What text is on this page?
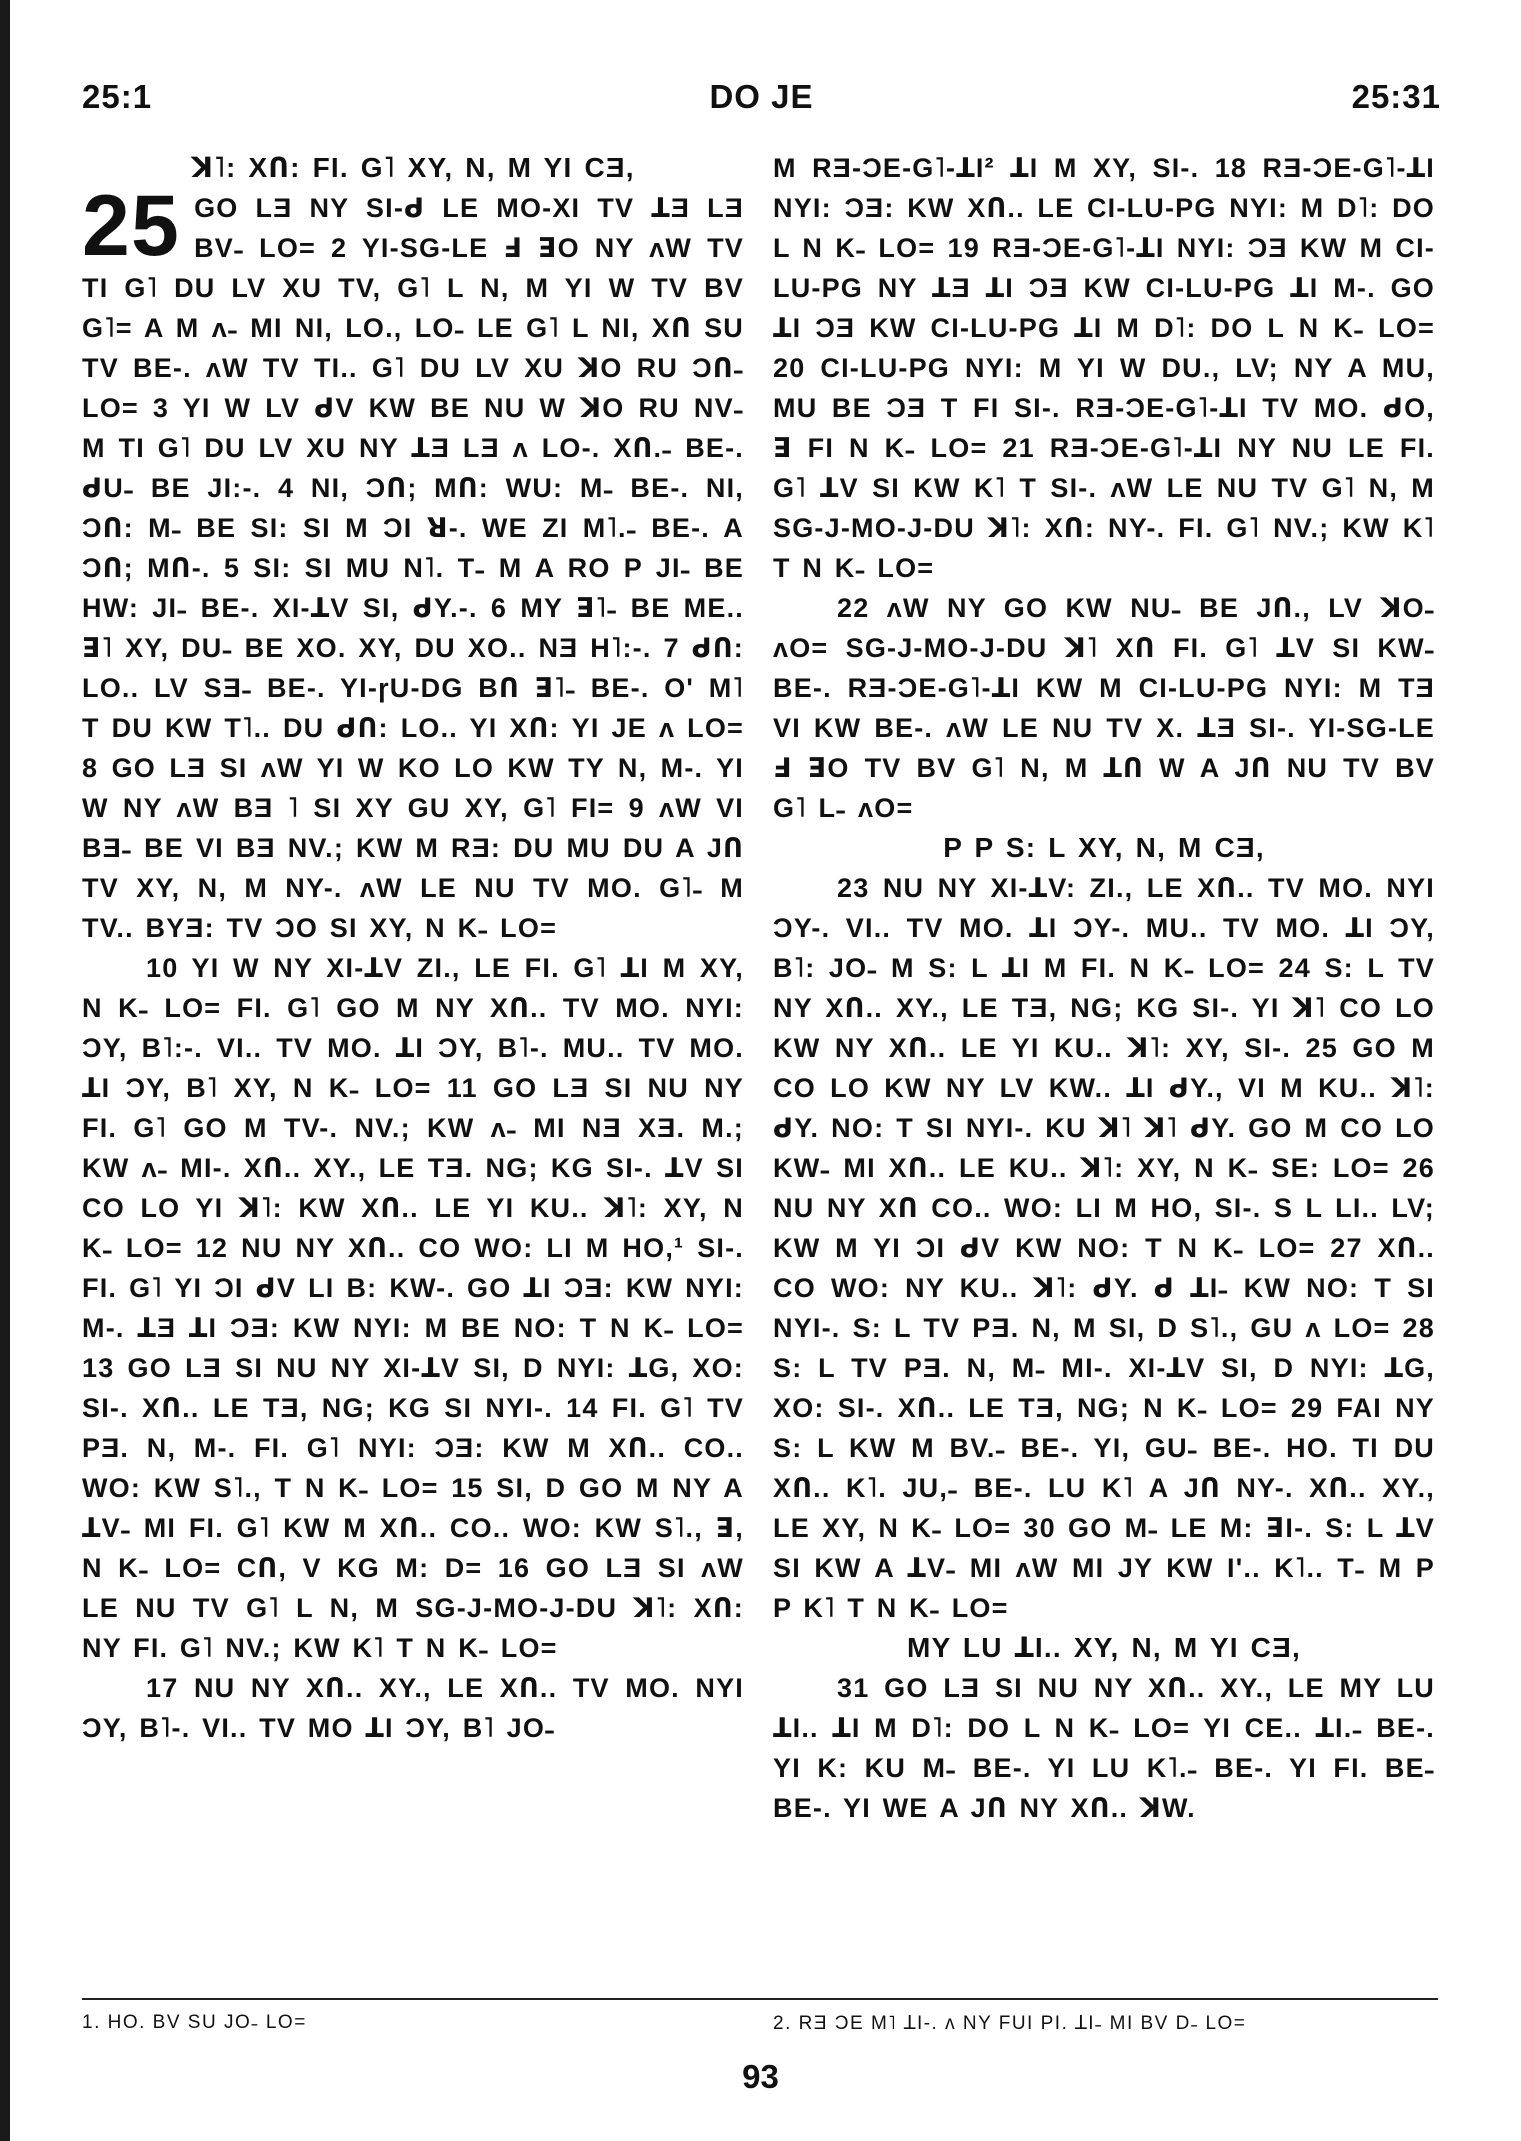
25:1	DO JE	25:31

ꓘ˥: XՈ: FI. G˥ XY, N, M YI CƎ,

25 GO LƎ NY SI-ᑯ LE MO-XI TV ꓕƎ LƎ BV˗ LO= 2 YI-SG-LE Ⅎ ꓱO NY ʌW TV TI G˥ DU LV XU TV, G˥ L N, M YI W TV BV G˥= A M ʌ˗ MI NI, LO., LO˗ LE G˥ L NI, XՈ SU TV BE-. ʌW TV TI.. G˥ DU LV XU ꓘO RU ƆՈ˗ LO= 3 YI W LV ᑯV KW BE NU W ꓘO RU NV˗ M TI G˥ DU LV XU NY ꓕƎ LƎ ʌ LO-. XՈ.˗ BE-. ᑯU˗ BE JI:-. 4 NI, ƆՈ; MՈ: WU: M˗ BE-. NI, ƆՈ: M˗ BE SI: SI M ƆI ꓤ-. WE ZI M˥.˗ BE-. A ƆՈ; MՈ-. 5 SI: SI MU N˥. T˗ M A RO P JI˗ BE HW: JI˗ BE-. XI-ꓕV SI, ᑯY.-. 6 MY ꓱ˥˗ BE ME.. ꓱ˥ XY, DU˗ BE XO. XY, DU XO.. NƎ H˥:-. 7 ᑯՈ: LO.. LV SƎ˗ BE-. YI-ɼU-DG BՈ ꓱ˥˗ BE-. O' M˥ T DU KW T˥.. DU ᑯՈ: LO.. YI XՈ: YI JE ʌ LO= 8 GO LƎ SI ʌW YI W KO LO KW TY N, M-. YI W NY ʌW BƎ ˥ SI XY GU XY, G˥ FI= 9 ʌW VI BƎ˗ BE VI BƎ NV.; KW M RƎ: DU MU DU A JՈ TV XY, N, M NY-. ʌW LE NU TV MO. G˥˗ M TV.. BYƎ: TV ƆO SI XY, N K˗ LO=

10 YI W NY XI-ꓕV ZI., LE FI. G˥ ꓕI M XY, N K˗ LO= FI. G˥ GO M NY XՈ.. TV MO. NYI: ƆY, B˥:-. VI.. TV MO. ꓕI ƆY, B˥-. MU.. TV MO. ꓕI ƆY, B˥ XY, N K˗ LO= 11 GO LƎ SI NU NY FI. G˥ GO M TV-. NV.; KW ʌ˗ MI NƎ XƎ. M.; KW ʌ˗ MI-. XՈ.. XY., LE TƎ. NG; KG SI-. ꓕV SI CO LO YI ꓘ˥: KW XՈ.. LE YI KU.. ꓘ˥: XY, N K˗ LO= 12 NU NY XՈ.. CO WO: LI M HO,¹ SI-. FI. G˥ YI ƆI ᑯV LI B: KW-. GO ꓕI ƆƎ: KW NYI: M-. ꓕƎ ꓕI ƆƎ: KW NYI: M BE NO: T N K˗ LO= 13 GO LƎ SI NU NY XI-ꓕV SI, D NYI: ꓕG, XO: SI-. XՈ.. LE TƎ, NG; KG SI NYI-. 14 FI. G˥ TV PƎ. N, M-. FI. G˥ NYI: ƆƎ: KW M XՈ.. CO.. WO: KW S˥., T N K˗ LO= 15 SI, D GO M NY A ꓕV˗ MI FI. G˥ KW M XՈ.. CO.. WO: KW S˥., ꓱ, N K˗ LO= CՈ, V KG M: D= 16 GO LƎ SI ʌW LE NU TV G˥ L N, M SG-J-MO-J-DU ꓘ˥: XՈ: NY FI. G˥ NV.; KW K˥ T N K˗ LO=

17 NU NY XՈ.. XY., LE XՈ.. TV MO. NYI ƆY, B˥-. VI.. TV MO ꓕI ƆY, B˥ JO˗

M RƎ-ƆE-G˥-ꓕI² ꓕI M XY, SI-. 18 RƎ-ƆE-G˥-ꓕI NYI: ƆƎ: KW XՈ.. LE CI-LU-PG NYI: M D˥: DO L N K˗ LO= 19 RƎ-ƆE-G˥-ꓕI NYI: ƆƎ KW M CI-LU-PG NY ꓕƎ ꓕI ƆƎ KW CI-LU-PG ꓕI M-. GO ꓕI ƆƎ KW CI-LU-PG ꓕI M D˥: DO L N K˗ LO= 20 CI-LU-PG NYI: M YI W DU., LV; NY A MU, MU BE ƆƎ T FI SI-. RƎ-ƆE-G˥-ꓕI TV MO. ᑯO, ꓱ FI N K˗ LO= 21 RƎ-ƆE-G˥-ꓕI NY NU LE FI. G˥ ꓕV SI KW K˥ T SI-. ʌW LE NU TV G˥ N, M SG-J-MO-J-DU ꓘ˥: XՈ: NY-. FI. G˥ NV.; KW K˥ T N K˗ LO=

22 ʌW NY GO KW NU˗ BE JՈ., LV ꓘO˗ ʌO= SG-J-MO-J-DU ꓘ˥ XՈ FI. G˥ ꓕV SI KW˗ BE-. RƎ-ƆE-G˥-ꓕI KW M CI-LU-PG NYI: M TƎ VI KW BE-. ʌW LE NU TV X. ꓕƎ SI-. YI-SG-LE Ⅎ ꓱO TV BV G˥ N, M ꓕՈ W A JՈ NU TV BV G˥ L˗ ʌO=

P P S: L XY, N, M CƎ,

23 NU NY XI-ꓕV: ZI., LE XՈ.. TV MO. NYI ƆY-. VI.. TV MO. ꓕI ƆY-. MU.. TV MO. ꓕI ƆY, B˥: JO˗ M S: L ꓕI M FI. N K˗ LO= 24 S: L TV NY XՈ.. XY., LE TƎ, NG; KG SI-. YI ꓘ˥ CO LO KW NY XՈ.. LE YI KU.. ꓘ˥: XY, SI-. 25 GO M CO LO KW NY LV KW.. ꓕI ᑯY., VI M KU.. ꓘ˥: ᑯY. NO: T SI NYI-. KU ꓘ˥ ꓘ˥ ᑯY. GO M CO LO KW˗ MI XՈ.. LE KU.. ꓘ˥: XY, N K˗ SE: LO= 26 NU NY XՈ CO.. WO: LI M HO, SI-. S L LI.. LV; KW M YI ƆI ᑯV KW NO: T N K˗ LO= 27 XՈ.. CO WO: NY KU.. ꓘ˥: ᑯY. ᑯ ꓕI˗ KW NO: T SI NYI-. S: L TV PƎ. N, M SI, D S˥., GU ʌ LO= 28 S: L TV PƎ. N, M˗ MI-. XI-ꓕV SI, D NYI: ꓕG, XO: SI-. XՈ.. LE TƎ, NG; N K˗ LO= 29 FAI NY S: L KW M BV.˗ BE-. YI, GU˗ BE-. HO. TI DU XՈ.. K˥. JU,˗ BE-. LU K˥ A JՈ NY-. XՈ.. XY., LE XY, N K˗ LO= 30 GO M˗ LE M: ꓱI-. S: L ꓕV SI KW A ꓕV˗ MI ʌW MI JY KW I'.. K˥.. T˗ M P P K˥ T N K˗ LO=

MY LU ꓕI.. XY, N, M YI CƎ,

31 GO LƎ SI NU NY XՈ.. XY., LE MY LU ꓕI.. ꓕI M D˥: DO L N K˗ LO= YI CE.. ꓕI.˗ BE-. YI K: KU M˗ BE-. YI LU K˥.˗ BE-. YI FI. BE˗ BE-. YI WE A JՈ NY XՈ.. ꓘW.

1. HO. BV SU JO˗ LO=	2. RƎ ƆE M˥ ꓕI-. ʌ NY FUI PI. ꓕI˗ MI BV D˗ LO=
93
